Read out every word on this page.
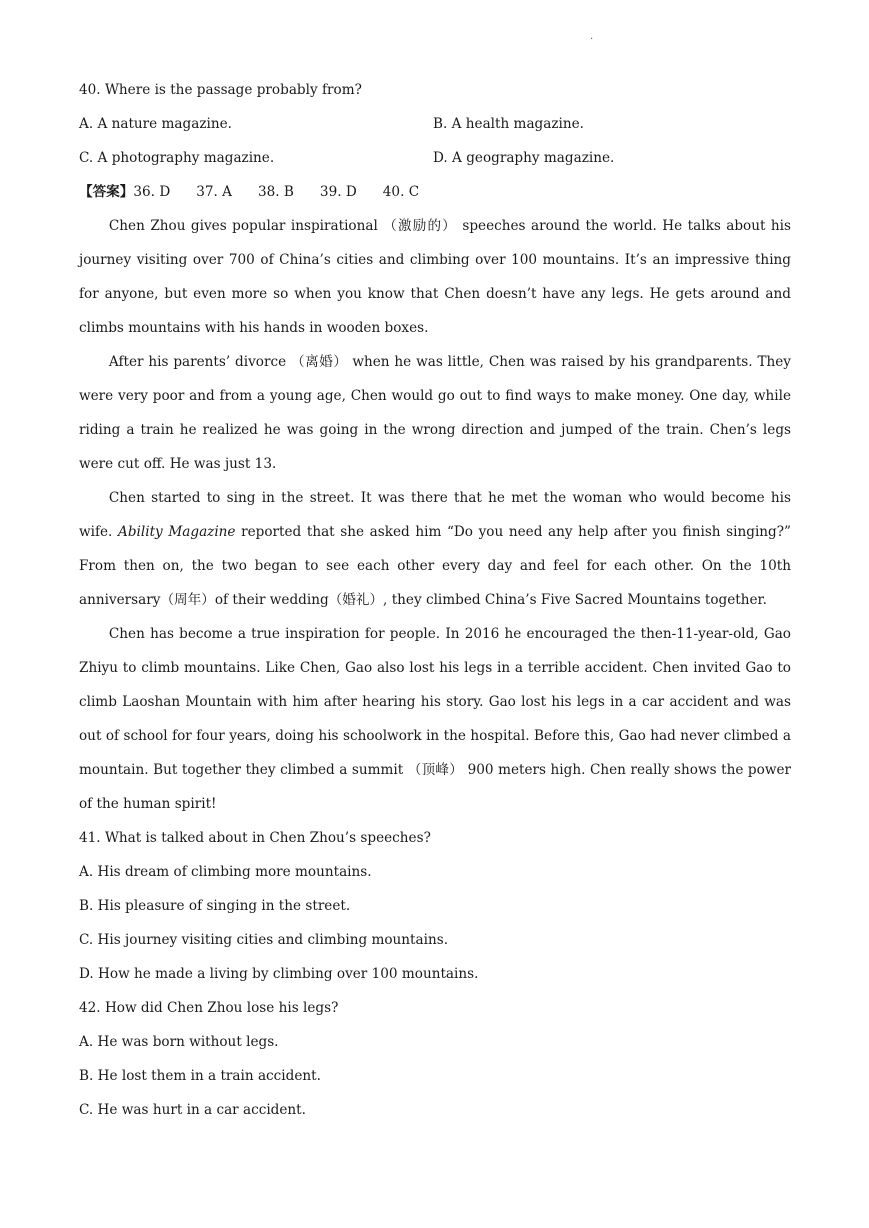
.
40. Where is the passage probably from?
A. A nature magazine.	B. A health magazine.
C. A photography magazine.	D. A geography magazine.
【答案】36. D 37. A 38. B 39. D 40. C

Chen Zhou gives popular inspirational （激励的） speeches around the world. He talks about his journey visiting over 700 of China’s cities and climbing over 100 mountains. It’s an impressive thing for anyone, but even more so when you know that Chen doesn’t have any legs. He gets around and climbs mountains with his hands in wooden boxes.

After his parents’ divorce （离婚） when he was little, Chen was raised by his grandparents. They were very poor and from a young age, Chen would go out to find ways to make money. One day, while riding a train he realized he was going in the wrong direction and jumped of the train. Chen’s legs were cut off. He was just 13.

Chen started to sing in the street. It was there that he met the woman who would become his wife. Ability Magazine reported that she asked him “Do you need any help after you finish singing?” From then on, the two began to see each other every day and feel for each other. On the 10th anniversary（周年）of their wedding（婚礼）, they climbed China’s Five Sacred Mountains together.

Chen has become a true inspiration for people. In 2016 he encouraged the then-11-year-old, Gao Zhiyu to climb mountains. Like Chen, Gao also lost his legs in a terrible accident. Chen invited Gao to climb Laoshan Mountain with him after hearing his story. Gao lost his legs in a car accident and was out of school for four years, doing his schoolwork in the hospital. Before this, Gao had never climbed a mountain. But together they climbed a summit （顶峰） 900 meters high. Chen really shows the power of the human spirit!

41. What is talked about in Chen Zhou’s speeches?
A. His dream of climbing more mountains.
B. His pleasure of singing in the street.
C. His journey visiting cities and climbing mountains.
D. How he made a living by climbing over 100 mountains.
42. How did Chen Zhou lose his legs?
A. He was born without legs.
B. He lost them in a train accident.
C. He was hurt in a car accident.
